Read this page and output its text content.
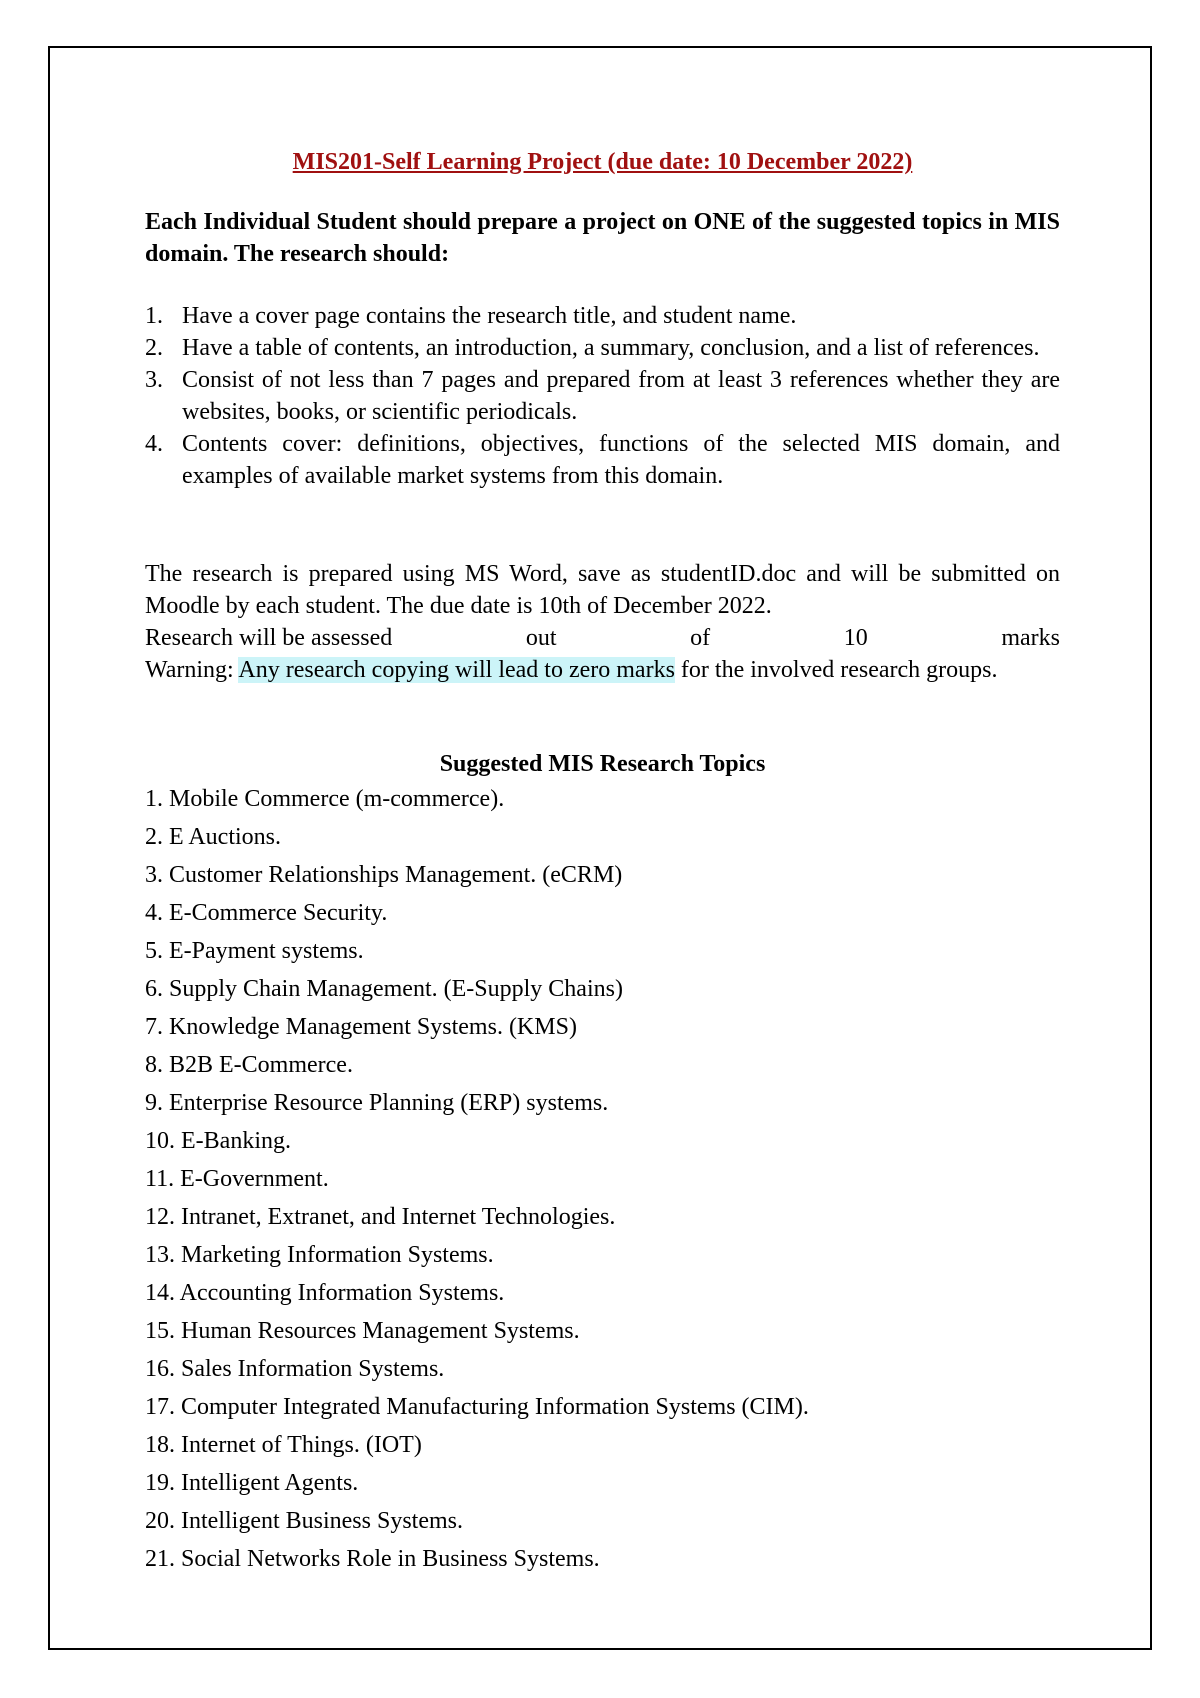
MIS201-Self Learning Project (due date: 10 December 2022)
Each Individual Student should prepare a project on ONE of the suggested topics in MIS domain. The research should:
1. Have a cover page contains the research title, and student name.
2. Have a table of contents, an introduction, a summary, conclusion, and a list of references.
3. Consist of not less than 7 pages and prepared from at least 3 references whether they are websites, books, or scientific periodicals.
4. Contents cover: definitions, objectives, functions of the selected MIS domain, and examples of available market systems from this domain.
The research is prepared using MS Word, save as studentID.doc and will be submitted on Moodle by each student. The due date is 10th of December 2022.
Research will be assessed	out	of	10	marks
Warning: Any research copying will lead to zero marks for the involved research groups.
Suggested MIS Research Topics
1. Mobile Commerce (m-commerce).
2. E Auctions.
3. Customer Relationships Management. (eCRM)
4. E-Commerce Security.
5. E-Payment systems.
6. Supply Chain Management. (E-Supply Chains)
7. Knowledge Management Systems. (KMS)
8. B2B E-Commerce.
9. Enterprise Resource Planning (ERP) systems.
10. E-Banking.
11. E-Government.
12. Intranet, Extranet, and Internet Technologies.
13. Marketing Information Systems.
14. Accounting Information Systems.
15. Human Resources Management Systems.
16. Sales Information Systems.
17. Computer Integrated Manufacturing Information Systems (CIM).
18. Internet of Things. (IOT)
19. Intelligent Agents.
20. Intelligent Business Systems.
21. Social Networks Role in Business Systems.
